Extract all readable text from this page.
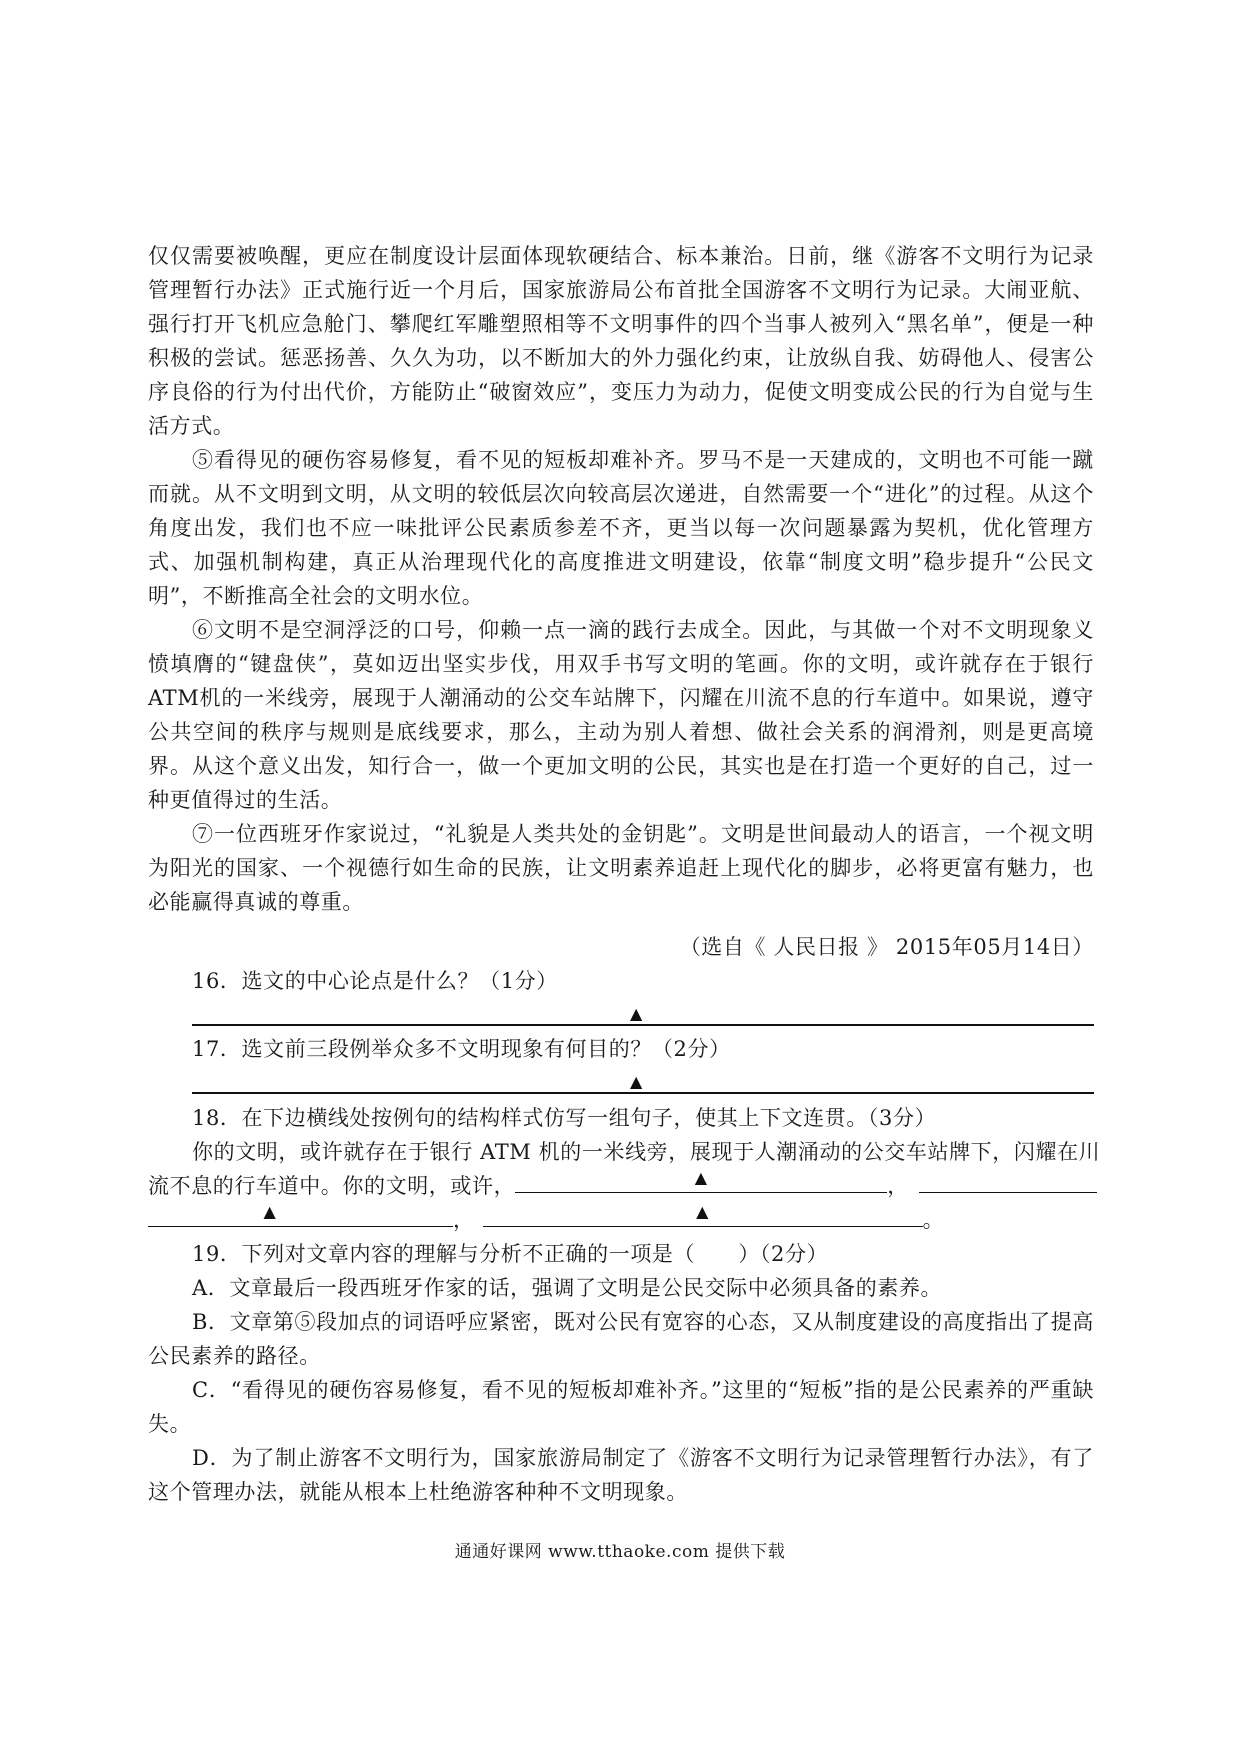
仅仅需要被唤醒，更应在制度设计层面体现软硬结合、标本兼治。日前，继《游客不文明行为记录管理暂行办法》正式施行近一个月后，国家旅游局公布首批全国游客不文明行为记录。大闹亚航、强行打开飞机应急舱门、攀爬红军雕塑照相等不文明事件的四个当事人被列入“黑名单”，便是一种积极的尝试。惩恶扬善、久久为功，以不断加大的外力强化约束，让放纵自我、妨碍他人、侵害公序良俗的行为付出代价，方能防止“破窗效应”，变压力为动力，促使文明变成公民的行为自觉与生活方式。

⑤看得见的硬伤容易修复，看不见的短板却难补齐。罗马不是一天建成的，文明也不可能一蹴而就。从不文明到文明，从文明的较低层次向较高层次递进，自然需要一个“进化”的过程。从这个角度出发，我们也不应一味批评公民素质参差不齐，更当以每一次问题暴露为契机，优化管理方式、加强机制构建，真正从治理现代化的高度推进文明建设，依靠“制度文明”稳步提升“公民文明”，不断推高全社会的文明水位。

⑥文明不是空洞浮泛的口号，仰赖一点一滴的践行去成全。因此，与其做一个对不文明现象义愤填膺的“键盘侠”，莫如迈出坚实步伐，用双手书写文明的笔画。你的文明，或许就存在于银行ATM机的一米线旁，展现于人潮涌动的公交车站牌下，闪耀在川流不息的行车道中。如果说，遵守公共空间的秩序与规则是底线要求，那么，主动为别人着想、做社会关系的润滑剂，则是更高境界。从这个意义出发，知行合一，做一个更加文明的公民，其实也是在打造一个更好的自己，过一种更值得过的生活。

⑦一位西班牙作家说过，“礼貌是人类共处的金钥匙”。文明是世间最动人的语言，一个视文明为阳光的国家、一个视德行如生命的民族，让文明素养追赶上现代化的脚步，必将更富有魅力，也必能赢得真诚的尊重。

（选自《 人民日报 》 2015年05月14日）
16．选文的中心论点是什么？（1分）
▲
17．选文前三段例举众多不文明现象有何目的？（2分）
▲
18．在下边横线处按例句的结构样式仿写一组句子，使其上下文连贯。（3分）
你的文明，或许就存在于银行 ATM 机的一米线旁，展现于人潮涌动的公交车站牌下，闪耀在川
流不息的行车道中。你的文明，或许，	▲	，
▲	，	▲	。
19．下列对文章内容的理解与分析不正确的一项是（　　）（2分）

A．文章最后一段西班牙作家的话，强调了文明是公民交际中必须具备的素养。

B．文章第⑤段加点的词语呼应紧密，既对公民有宽容的心态，又从制度建设的高度指出了提高公民素养的路径。

C．“看得见的硬伤容易修复，看不见的短板却难补齐。”这里的“短板”指的是公民素养的严重缺失。

D．为了制止游客不文明行为，国家旅游局制定了《游客不文明行为记录管理暂行办法》，有了这个管理办法，就能从根本上杜绝游客种种不文明现象。

通通好课网 www.tthaoke.com 提供下载
